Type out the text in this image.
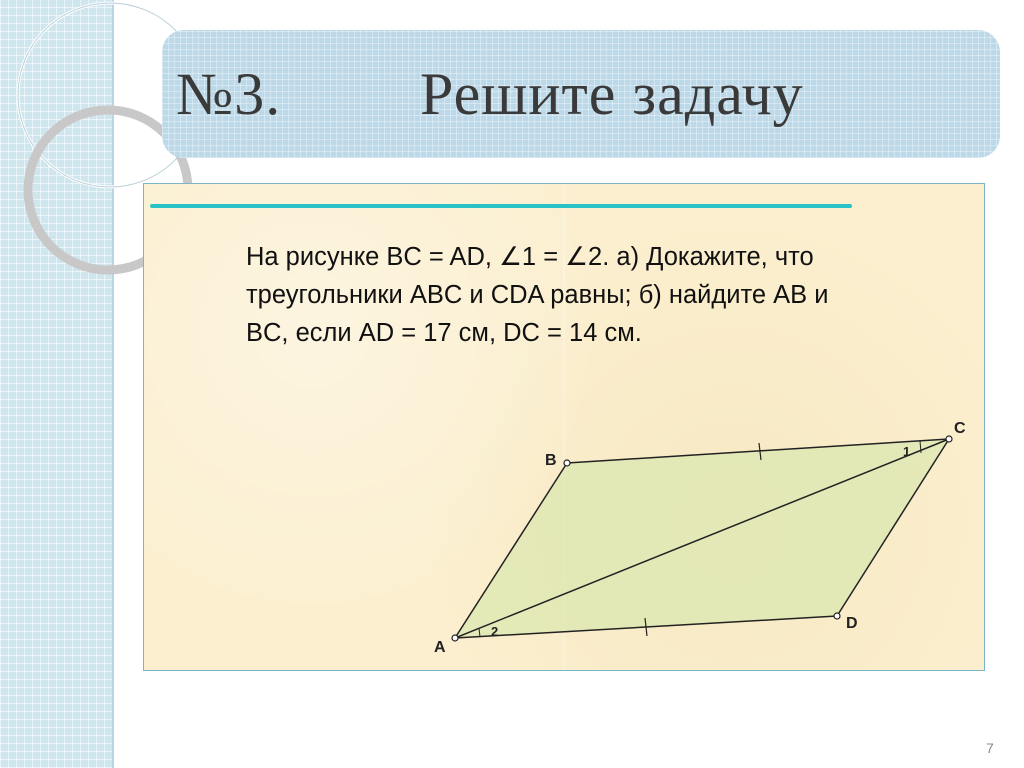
№3. Решите задачу
На рисунке BC = AD, ∠1 = ∠2. а) Докажите, что треугольники ABC и CDA равны; б) найдите AB и BC, если AD = 17 см, DC = 14 см.
B
C
D
A
1
2
7
